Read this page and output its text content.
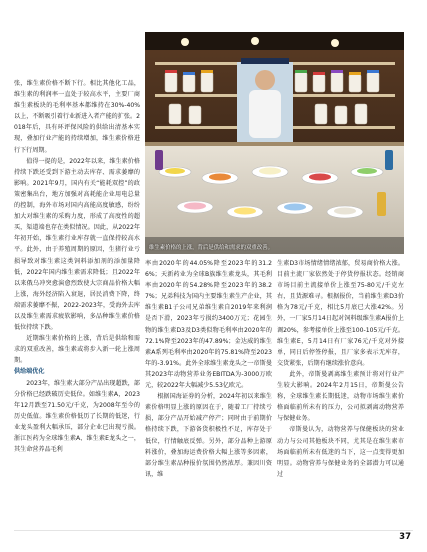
张，维生素价格不断下行。相比其他化工品，维生素的利润率一直处于较高水平，主要厂商维生素板块的毛利率基本都维持在30%-40%以上，不断吸引着行业新进入者产能的扩张。2018年后，具有环评保风险的供给出清基本实现，叠加行业产能的持续增加，维生素价格进行下行周期。

值得一提的是，2022年以来，维生素价格持续下跌还受到下游主动去库存、需求萎靡的影响。2021年9月，国内有关“能耗双控”的政策密集出台，地方加强对高耗能企业用电总量的控制，海外市场对国内高能高度敏感，纷纷加大对维生素的采购力度，形成了高度性的超买，渠道端也存在类似情况。因此，从2022年年初开始，维生素行业库存就一直保持较高水平。此外，由于养殖周期的原因，生猪行业亏损导致对维生素这类饲料添加剂的添加量降低，2022年国内维生素需求降低；且2022年以来俄乌冲突愈演愈烈致使大宗商品价格大幅上涨，海外经济陷入衰退，居民消费下降，终端需求萎靡不振，2022-2023年，受海外去库以及维生素需求疲软影响，多品种维生素价格低位持续下跌。

近期维生素价格的上涨，背后是供给和需求的双重改善，维生素或将步入新一轮上涨周期。

供给端优化

2023年，维生素大部分产品出现超跌，部分价格已经跌破历史低位。如维生素A，2023年12月跌至71.50元/千克，为2008年至今的历史低值。维生素价格低历了长期的低迷，行业龙头盈利大幅承压，部分企业已出现亏损。浙江医药为全球维生素A、维生素E龙头之一，其生命营养品毛利

维生素价格的上涨，背后是供给和需求的双重改善。

率由2020年的44.05%降至2023年的31.26%；天新药业为全球B族维生素龙头，其毛利率由2020年的54.28%降至2023年的38.27%；兄弟科技为国内主要维生素生产企业，其维生素B1子公司兄弟维生素自2019年来利润是否下滑，2023年亏损约3400万元；花园生物的维生素D3及D3类似物毛利率由2020年的72.1%降至2023年的47.89%；金达威的维生素A系列毛利率由2020年的75.81%降至2023年的-3.91%。此外全球维生素龙头之一帝斯曼其2023年动物营养业务EBITDA为-3000万欧元，较2022年大幅减少5.53亿欧元。

根据国海证券的分析，2024年初以来维生素价格明显上涨的原因在于，随着工厂持续亏损，部分产品开始减产停产；同时由于前期价格持续下跌，下游备货积极性不足，库存处于低位，行情触底反弹。另外，部分品种上游原料涨价，叠加海运费价格大幅上涨等多因素，部分维生素品种报价氛围仍然浓厚。兼因川资讯，维

生素D3市场情绪情绪浓郁，贸易商价格大涨。目前主流厂家依然处于停货停报状态。经销商市场目前主流接单价上涨至75-80元/千克左右，且货源难寻。根据报价，当前维生素D3价格为78元/千克，相比5月底已大涨42%。另外，一厂家5月14日起对饲料级维生素A报价上调20%，参考接单价上涨至100-105元/千克。维生素E，5月14日有厂家76元/千克对外接单，同日后停签停报，且厂家多表示无库存，交货紧张，后期有继续涨价意向。

此外，帝斯曼剥离维生素预计将对行业产生较大影响。2024年2月15日，帝斯曼公告称，全球维生素长期低迷，动物市场维生素价格面临前所未有的压力，公司拟剥离动物营养与保健业务。

帝斯曼认为，动物营养与保健板块的营业动力与公司其他板块不同，尤其是在维生素市场面临前所未有低迷的当下，这一点变得更加明显。动物营养与保健业务的全部潜力可以通过

37
